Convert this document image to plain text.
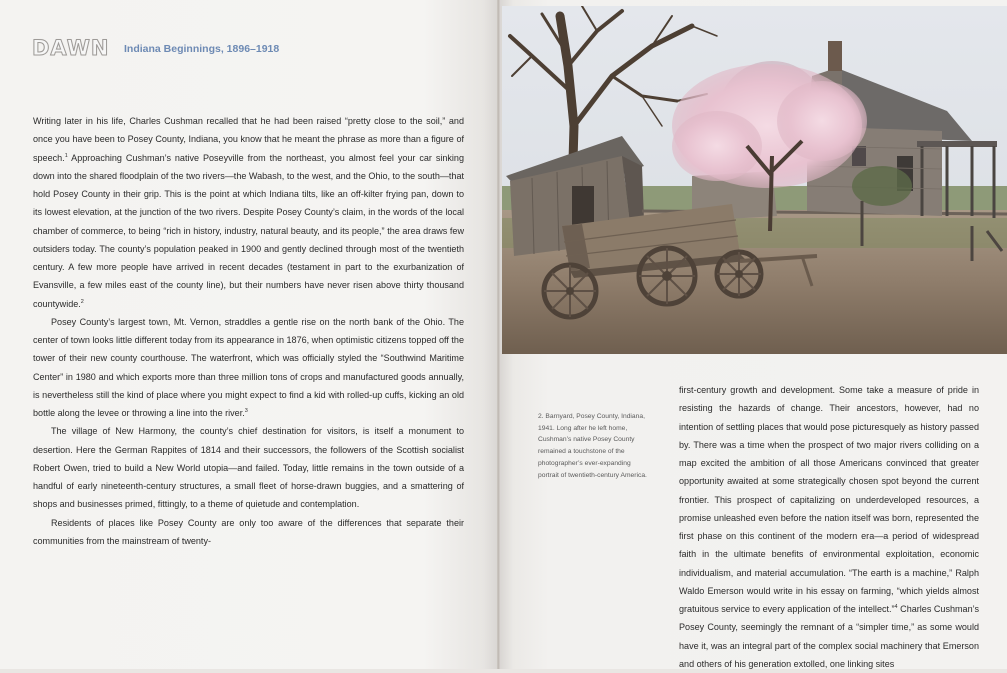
DAWN Indiana Beginnings, 1896–1918

Writing later in his life, Charles Cushman recalled that he had been raised “pretty close to the soil,” and once you have been to Posey County, Indiana, you know that he meant the phrase as more than a figure of speech.$^1$ Approaching Cushman’s native Poseyville from the northeast, you almost feel your car sinking down into the shared floodplain of the two rivers—the Wabash, to the west, and the Ohio, to the south—that hold Posey County in their grip. This is the point at which Indiana tilts, like an off-kilter frying pan, down to its lowest elevation, at the junction of the two rivers. Despite Posey County’s claim, in the words of the local chamber of commerce, to being “rich in history, industry, natural beauty, and its people,” the area draws few outsiders today. The county’s population peaked in 1900 and gently declined through most of the twentieth century. A few more people have arrived in recent decades (testament in part to the exurbanization of Evansville, a few miles east of the county line), but their numbers have never risen above thirty thousand countywide.$^2$

Posey County’s largest town, Mt. Vernon, straddles a gentle rise on the north bank of the Ohio. The center of town looks little different today from its appearance in 1876, when optimistic citizens topped off the tower of their new county courthouse. The waterfront, which was officially styled the “Southwind Maritime Center” in 1980 and which exports more than three million tons of crops and manufactured goods annually, is nevertheless still the kind of place where you might expect to find a kid with rolled-up cuffs, kicking an old bottle along the levee or throwing a line into the river.$^3$

The village of New Harmony, the county’s chief destination for visitors, is itself a monument to desertion. Here the German Rappites of 1814 and their successors, the followers of the Scottish socialist Robert Owen, tried to build a New World utopia—and failed. Today, little remains in the town outside of a handful of early nineteenth-century structures, a small fleet of horse-drawn buggies, and a smattering of shops and businesses primed, fittingly, to a theme of quietude and contemplation.

Residents of places like Posey County are only too aware of the differences that separate their communities from the mainstream of twenty-

2. Barnyard, Posey County, Indiana,
1941. Long after he left home,
Cushman’s native Posey County
remained a touchstone of the
photographer’s ever-expanding
portrait of twentieth-century America.

first-century growth and development. Some take a measure of pride in resisting the hazards of change. Their ancestors, however, had no intention of settling places that would pose picturesquely as history passed by. There was a time when the prospect of two major rivers colliding on a map excited the ambition of all those Americans convinced that greater opportunity awaited at some strategically chosen spot beyond the current frontier. This prospect of capitalizing on underdeveloped resources, a promise unleashed even before the nation itself was born, represented the first phase on this continent of the modern era—a period of widespread faith in the ultimate benefits of environmental exploitation, economic individualism, and material accumulation. “The earth is a machine,” Ralph Waldo Emerson would write in his essay on farming, “which yields almost gratuitous service to every application of the intellect.”$^4$ Charles Cushman’s Posey County, seemingly the remnant of a “simpler time,” as some would have it, was an integral part of the complex social machinery that Emerson and others of his generation extolled, one linking sites
